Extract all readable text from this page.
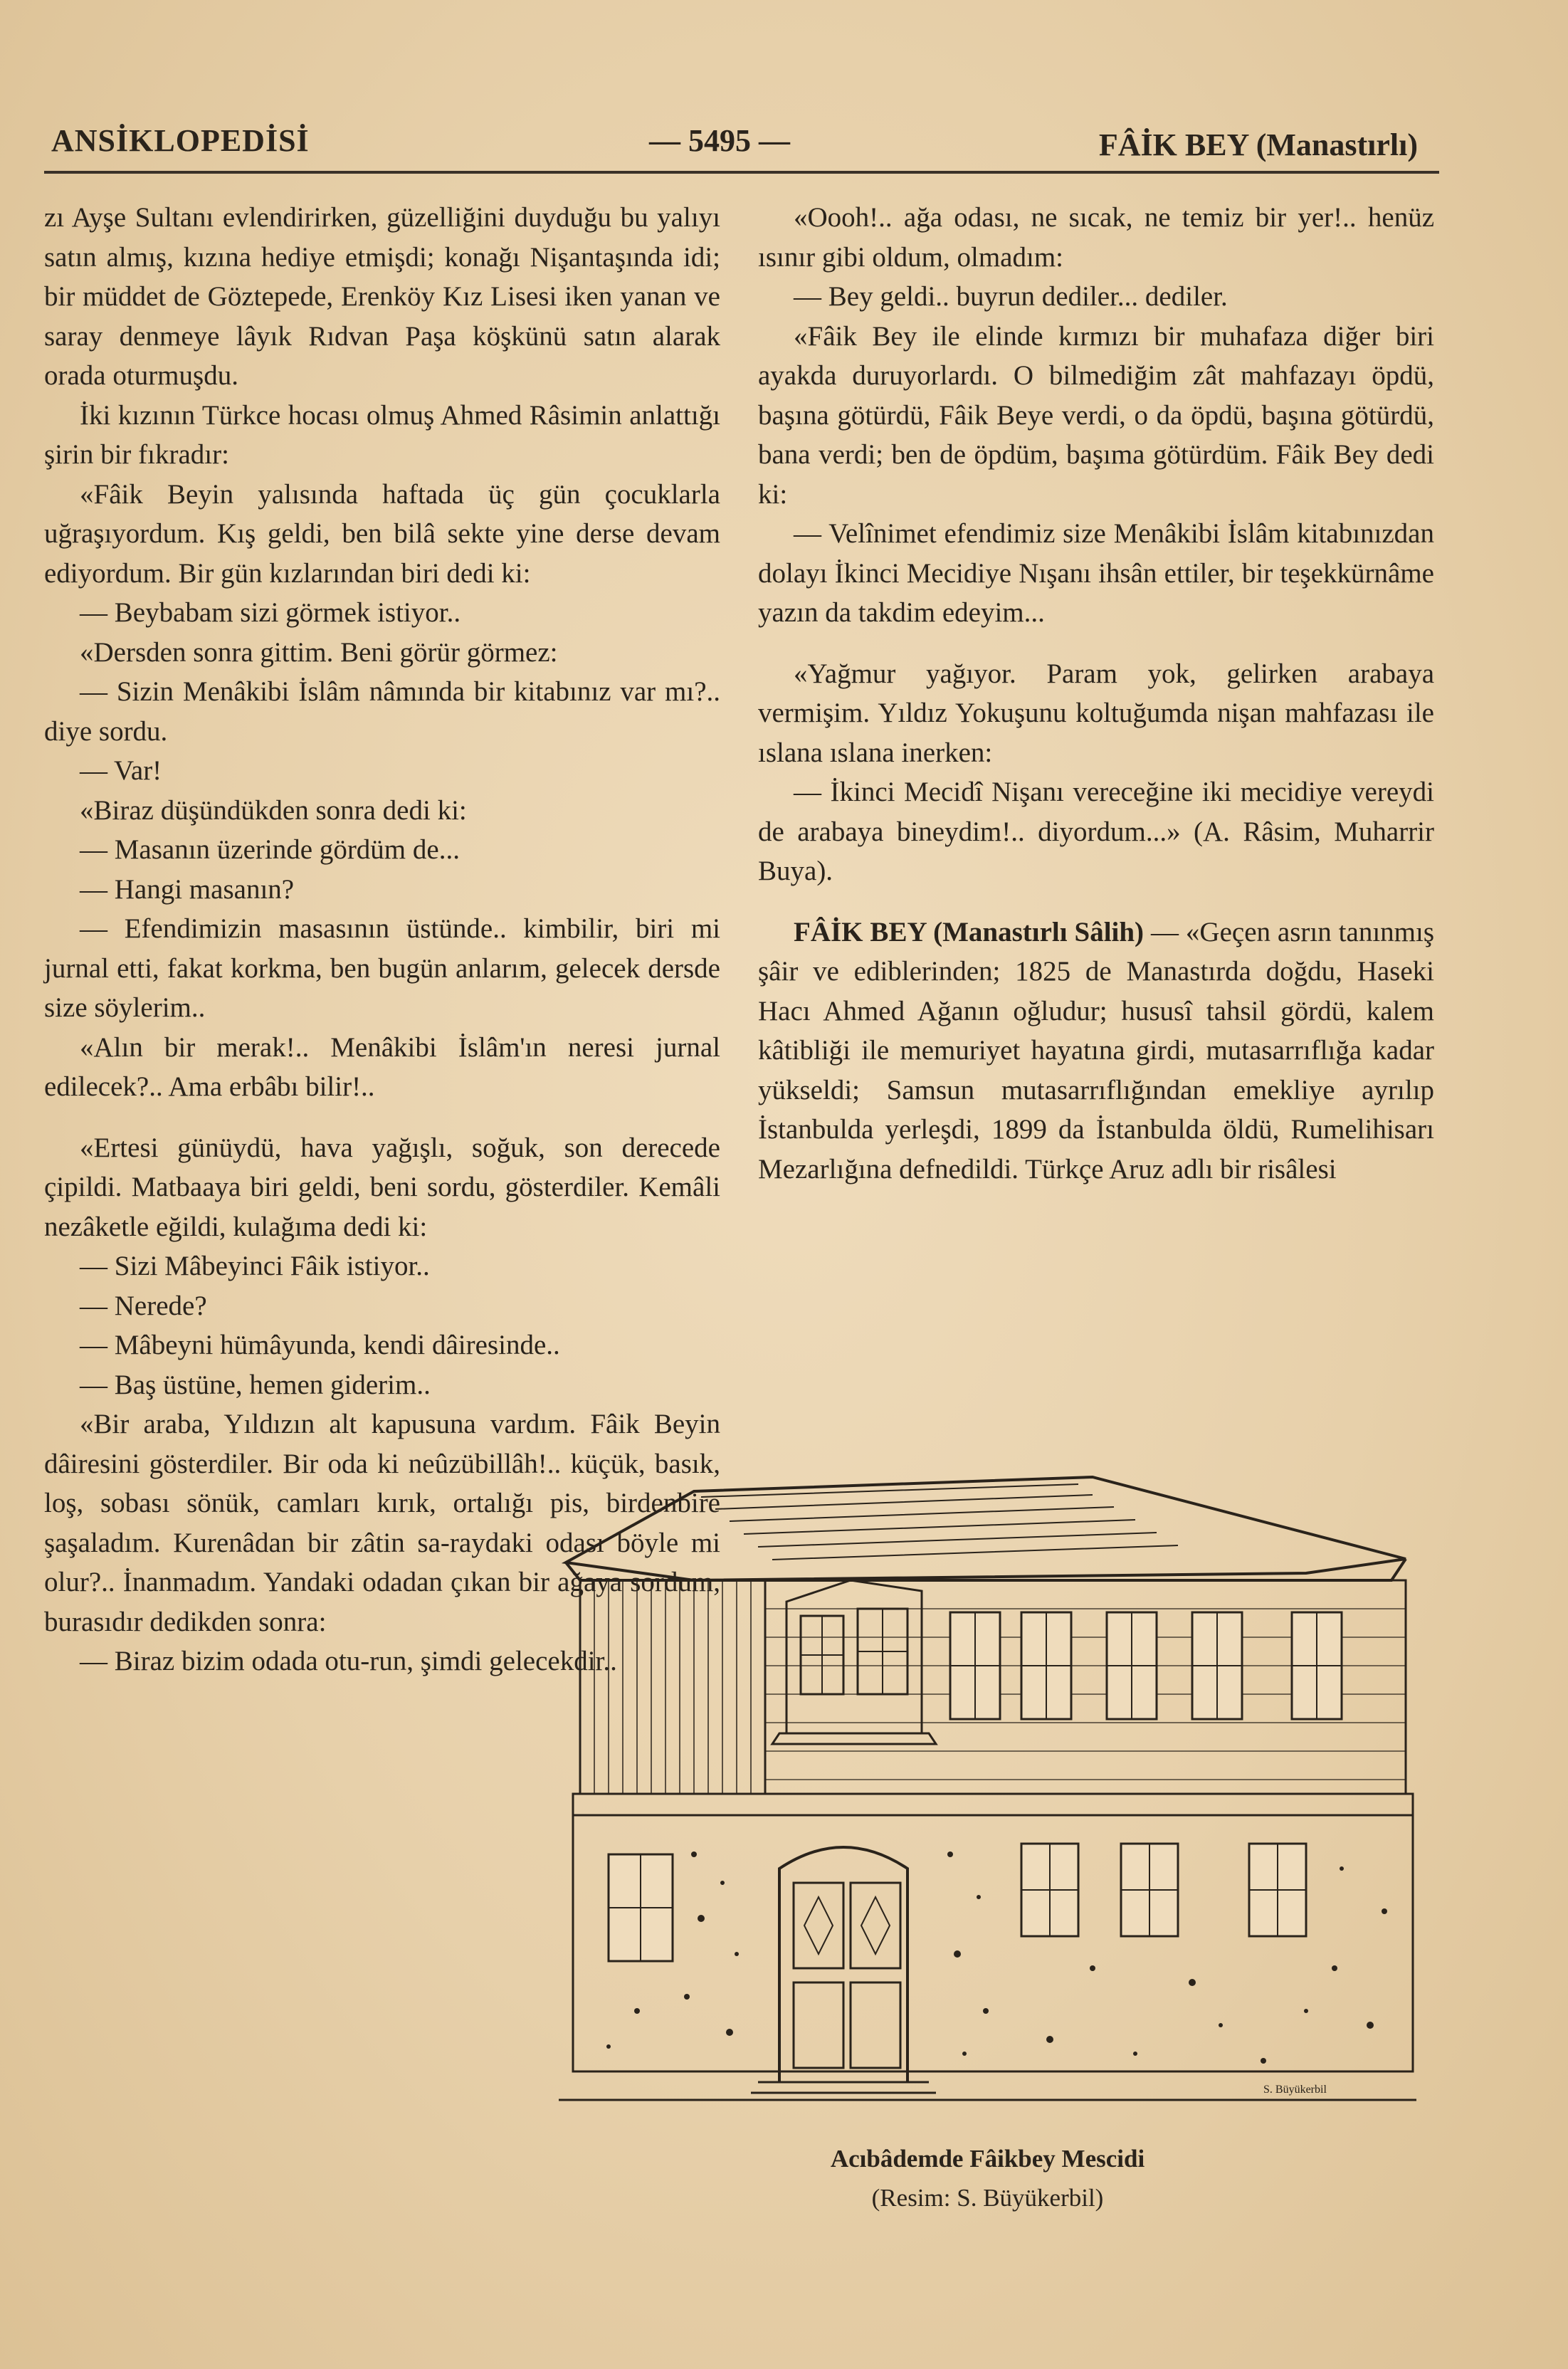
ANSİKLOPEDİSİ	— 5495 —	FÂİK BEY (Manastırlı)

zı Ayşe Sultanı evlendirirken, güzelliğini duyduğu bu yalıyı satın almış, kızına hediye etmişdi; konağı Nişantaşında idi; bir müddet de Göztepede, Erenköy Kız Lisesi iken yanan ve saray denmeye lâyık Rıdvan Paşa köşkünü satın alarak orada oturmuşdu.

İki kızının Türkce hocası olmuş Ahmed Râsimin anlattığı şirin bir fıkradır:

«Fâik Beyin yalısında haftada üç gün çocuklarla uğraşıyordum. Kış geldi, ben bilâ sekte yine derse devam ediyordum. Bir gün kızlarından biri dedi ki:

— Beybabam sizi görmek istiyor..

«Dersden sonra gittim. Beni görür görmez:

— Sizin Menâkibi İslâm nâmında bir kitabınız var mı?.. diye sordu.

— Var!

«Biraz düşündükden sonra dedi ki:

— Masanın üzerinde gördüm de...

— Hangi masanın?

— Efendimizin masasının üstünde.. kimbilir, biri mi jurnal etti, fakat korkma, ben bugün anlarım, gelecek dersde size söylerim..

«Alın bir merak!.. Menâkibi İslâm'ın neresi jurnal edilecek?.. Ama erbâbı bilir!..

«Ertesi günüydü, hava yağışlı, soğuk, son derecede çipildi. Matbaaya biri geldi, beni sordu, gösterdiler. Kemâli nezâketle eğildi, kulağıma dedi ki:

— Sizi Mâbeyinci Fâik istiyor..

— Nerede?

— Mâbeyni hümâyunda, kendi dâiresinde..

— Baş üstüne, hemen giderim..

«Bir araba, Yıldızın alt kapusuna vardım. Fâik Beyin dâiresini gösterdiler. Bir oda ki neûzübillâh!.. küçük, basık, loş, sobası sönük, camları kırık, ortalığı pis, birdenbire şaşaladım. Kurenâdan bir zâtin sa-raydaki odası böyle mi olur?.. İnanmadım. Yandaki odadan çıkan bir ağaya sordum, burasıdır dedikden sonra:

— Biraz bizim odada otu-run, şimdi gelecekdir..

«Oooh!.. ağa odası, ne sıcak, ne temiz bir yer!.. henüz ısınır gibi oldum, olmadım:

— Bey geldi.. buyrun dediler... dediler.

«Fâik Bey ile elinde kırmızı bir muhafaza diğer biri ayakda duruyorlardı. O bilmediğim zât mahfazayı öpdü, başına götürdü, Fâik Beye verdi, o da öpdü, başına götürdü, bana verdi; ben de öpdüm, başıma götürdüm. Fâik Bey dedi ki:

— Velînimet efendimiz size Menâkibi İslâm kitabınızdan dolayı İkinci Mecidiye Nışanı ihsân ettiler, bir teşekkürnâme yazın da takdim edeyim...

«Yağmur yağıyor. Param yok, gelirken arabaya vermişim. Yıldız Yokuşunu koltuğumda nişan mahfazası ile ıslana ıslana inerken:

— İkinci Mecidî Nişanı vereceğine iki mecidiye vereydi de arabaya bineydim!.. diyordum...» (A. Râsim, Muharrir Buya).

FÂİK BEY (Manastırlı Sâlih) — «Geçen asrın tanınmış şâir ve ediblerinden; 1825 de Manastırda doğdu, Haseki Hacı Ahmed Ağanın oğludur; hususî tahsil gördü, kalem kâtibliği ile memuriyet hayatına girdi, mutasarrıflığa kadar yükseldi; Samsun mutasarrıflığından emekliye ayrılıp İstanbulda yerleşdi, 1899 da İstanbulda öldü, Rumelihisarı Mezarlığına defnedildi. Türkçe Aruz adlı bir risâlesi

S. Büyükerbil
Acıbâdemde Fâikbey Mescidi
(Resim: S. Büyükerbil)
